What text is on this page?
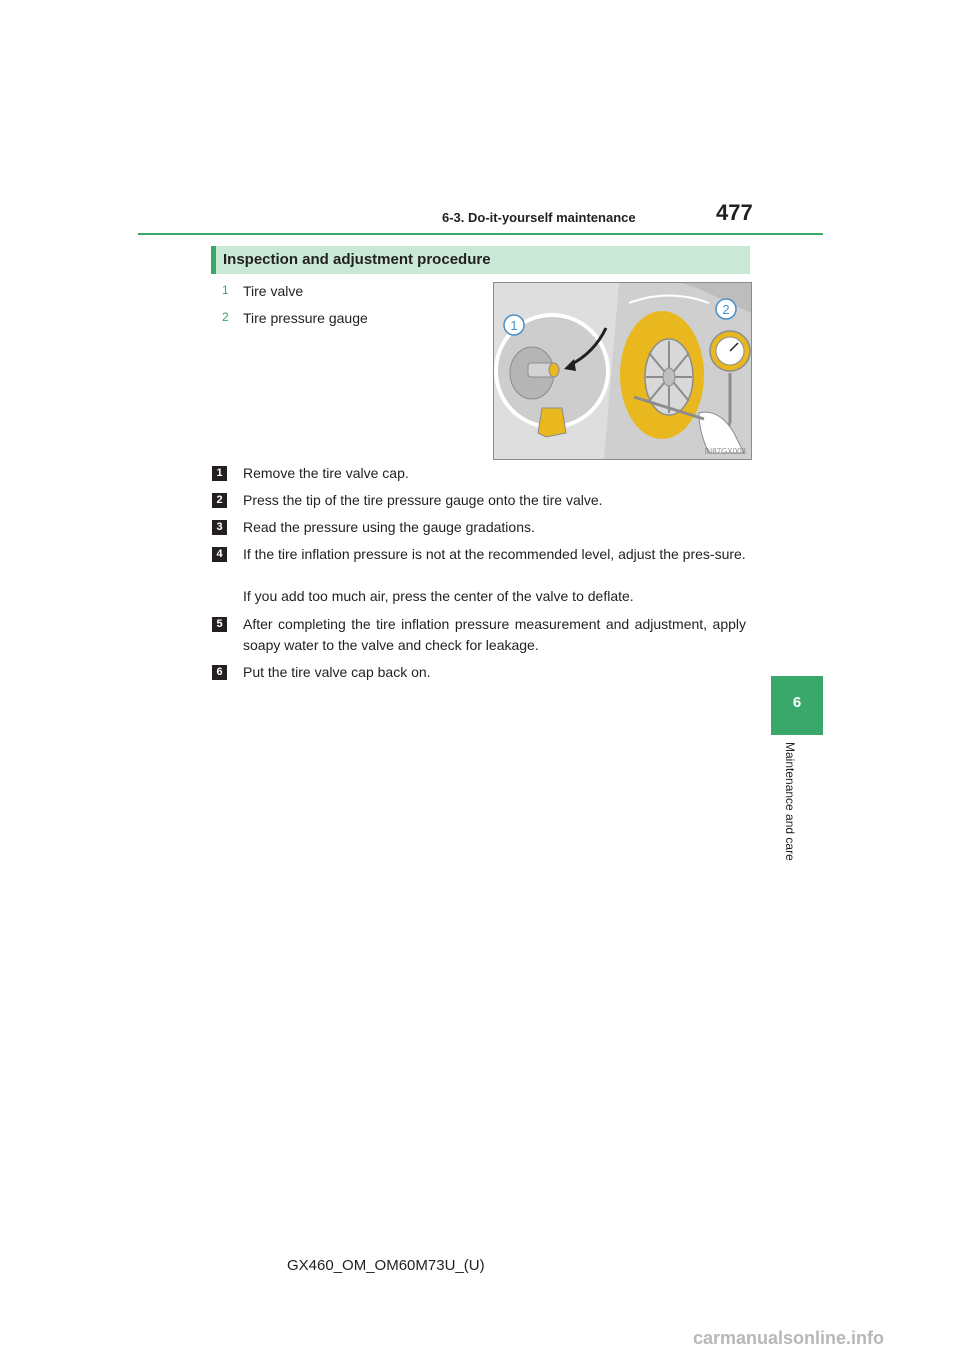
6-3. Do-it-yourself maintenance	477
6
Maintenance and care
Inspection and adjustment procedure
1 Tire valve
2 Tire pressure gauge	1
2
IN87GX008
1	Remove the tire valve cap.
2	Press the tip of the tire pressure gauge onto the tire valve.
3	Read the pressure using the gauge gradations.
4	If the tire inflation pressure is not at the recommended level, adjust the pres-sure.
If you add too much air, press the center of the valve to deflate.
5	After completing the tire inflation pressure measurement and adjustment, apply soapy water to the valve and check for leakage.
6	Put the tire valve cap back on.
GX460_OM_OM60M73U_(U)
carmanualsonline.info
